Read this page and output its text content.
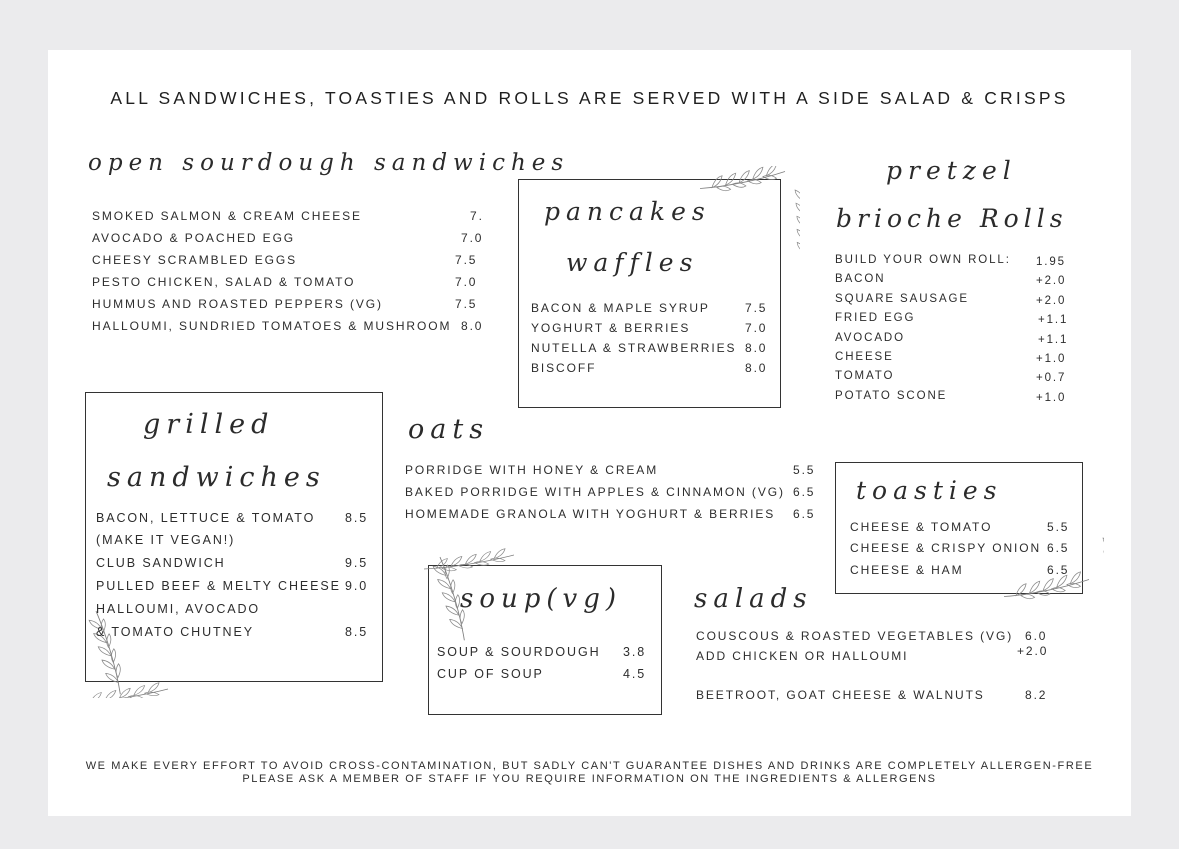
ALL SANDWICHES, TOASTIES AND ROLLS ARE SERVED WITH A SIDE SALAD & CRISPS
open sourdough sandwiches
SMOKED SALMON & CREAM CHEESE	7.
AVOCADO & POACHED EGG	7.0
CHEESY SCRAMBLED EGGS	7.5
PESTO CHICKEN, SALAD & TOMATO	7.0
HUMMUS AND ROASTED PEPPERS (VG)	7.5
HALLOUMI, SUNDRIED TOMATOES & MUSHROOM 8.0
pancakes
waffles
BACON & MAPLE SYRUP	7.5
YOGHURT & BERRIES	7.0
NUTELLA & STRAWBERRIES 8.0
BISCOFF	8.0
pretzel
brioche Rolls
BUILD YOUR OWN ROLL: 1.95
BACON	+2.0
SQUARE SAUSAGE	+2.0
FRIED EGG	+1.1
AVOCADO	+1.1
CHEESE	+1.0
TOMATO	+0.7
POTATO SCONE	+1.0
grilled
sandwiches
BACON, LETTUCE & TOMATO 8.5
(MAKE IT VEGAN!)
CLUB SANDWICH	9.5
PULLED BEEF & MELTY CHEESE 9.0
HALLOUMI, AVOCADO
& TOMATO CHUTNEY	8.5
oats
PORRIDGE WITH HONEY & CREAM	5.5
BAKED PORRIDGE WITH APPLES & CINNAMON (VG) 6.5
HOMEMADE GRANOLA WITH YOGHURT & BERRIES 6.5
toasties
CHEESE & TOMATO	5.5
CHEESE & CRISPY ONION 6.5
CHEESE & HAM	6.5
soup(vg)
SOUP & SOURDOUGH 3.8
CUP OF SOUP	4.5
salads
COUSCOUS & ROASTED VEGETABLES (VG) 6.0
ADD CHICKEN OR HALLOUMI	+2.0
BEETROOT, GOAT CHEESE & WALNUTS	8.2
WE MAKE EVERY EFFORT TO AVOID CROSS-CONTAMINATION, BUT SADLY CAN'T GUARANTEE DISHES AND DRINKS ARE COMPLETELY ALLERGEN-FREE
PLEASE ASK A MEMBER OF STAFF IF YOU REQUIRE INFORMATION ON THE INGREDIENTS & ALLERGENS
